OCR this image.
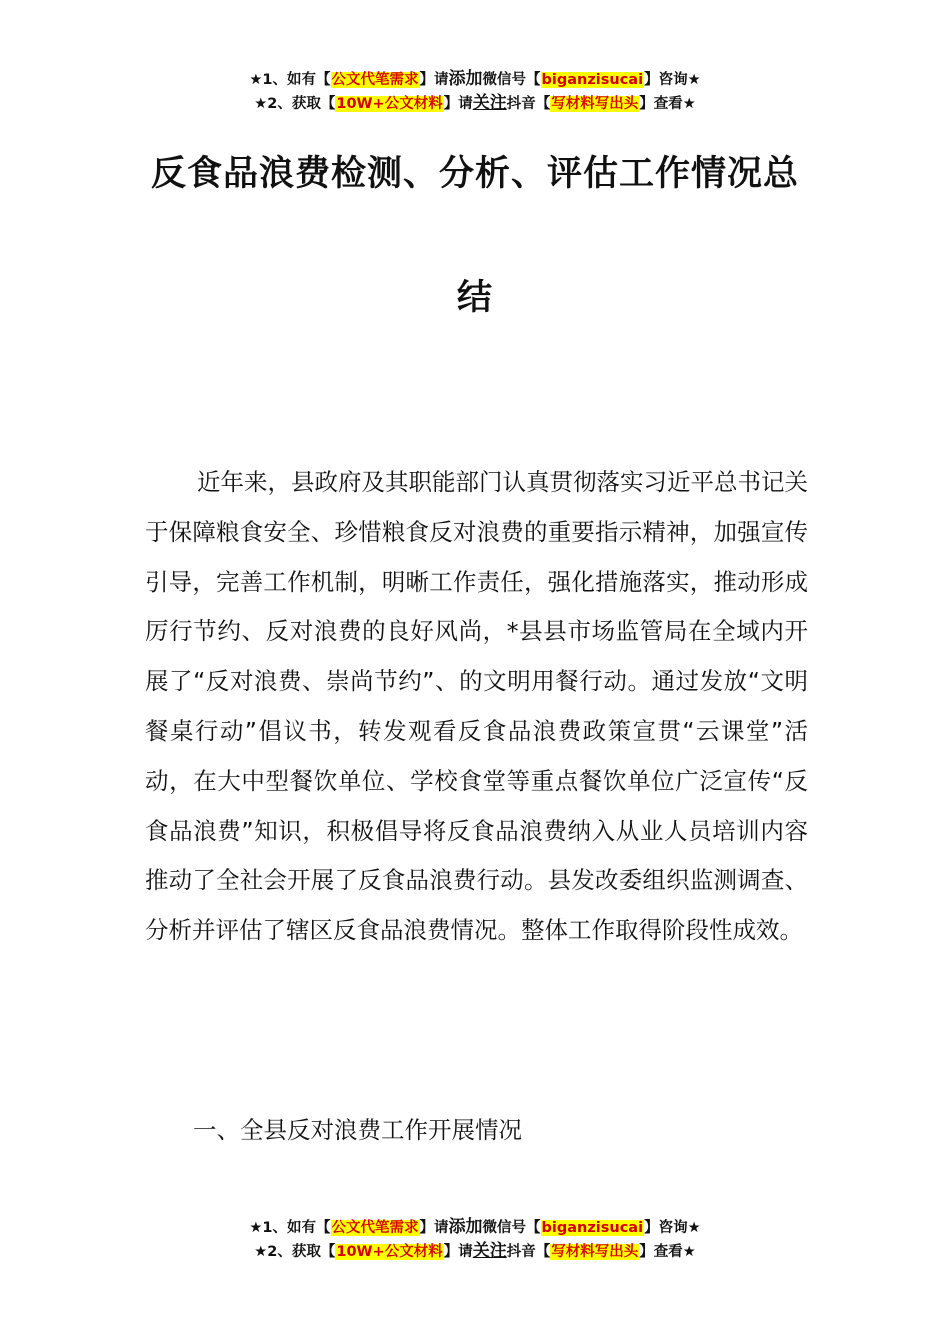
★1、如有【公文代笔需求】请添加微信号【biganzisucai】咨询★
★2、获取【10W+公文材料】请关注抖音【写材料写出头】查看★
反食品浪费检测、分析、评估工作情况总
结

近年来，县政府及其职能部门认真贯彻落实习近平总书记关于保障粮食安全、珍惜粮食反对浪费的重要指示精神，加强宣传引导，完善工作机制，明晰工作责任，强化措施落实，推动形成厉行节约、反对浪费的良好风尚，*县县市场监管局在全域内开展了“反对浪费、崇尚节约”、的文明用餐行动。通过发放“文明餐桌行动”倡议书，转发观看反食品浪费政策宣贯“云课堂”活动，在大中型餐饮单位、学校食堂等重点餐饮单位广泛宣传“反食品浪费”知识，积极倡导将反食品浪费纳入从业人员培训内容推动了全社会开展了反食品浪费行动。县发改委组织监测调查、分析并评估了辖区反食品浪费情况。整体工作取得阶段性成效。

一、全县反对浪费工作开展情况
★1、如有【公文代笔需求】请添加微信号【biganzisucai】咨询★
★2、获取【10W+公文材料】请关注抖音【写材料写出头】查看★
